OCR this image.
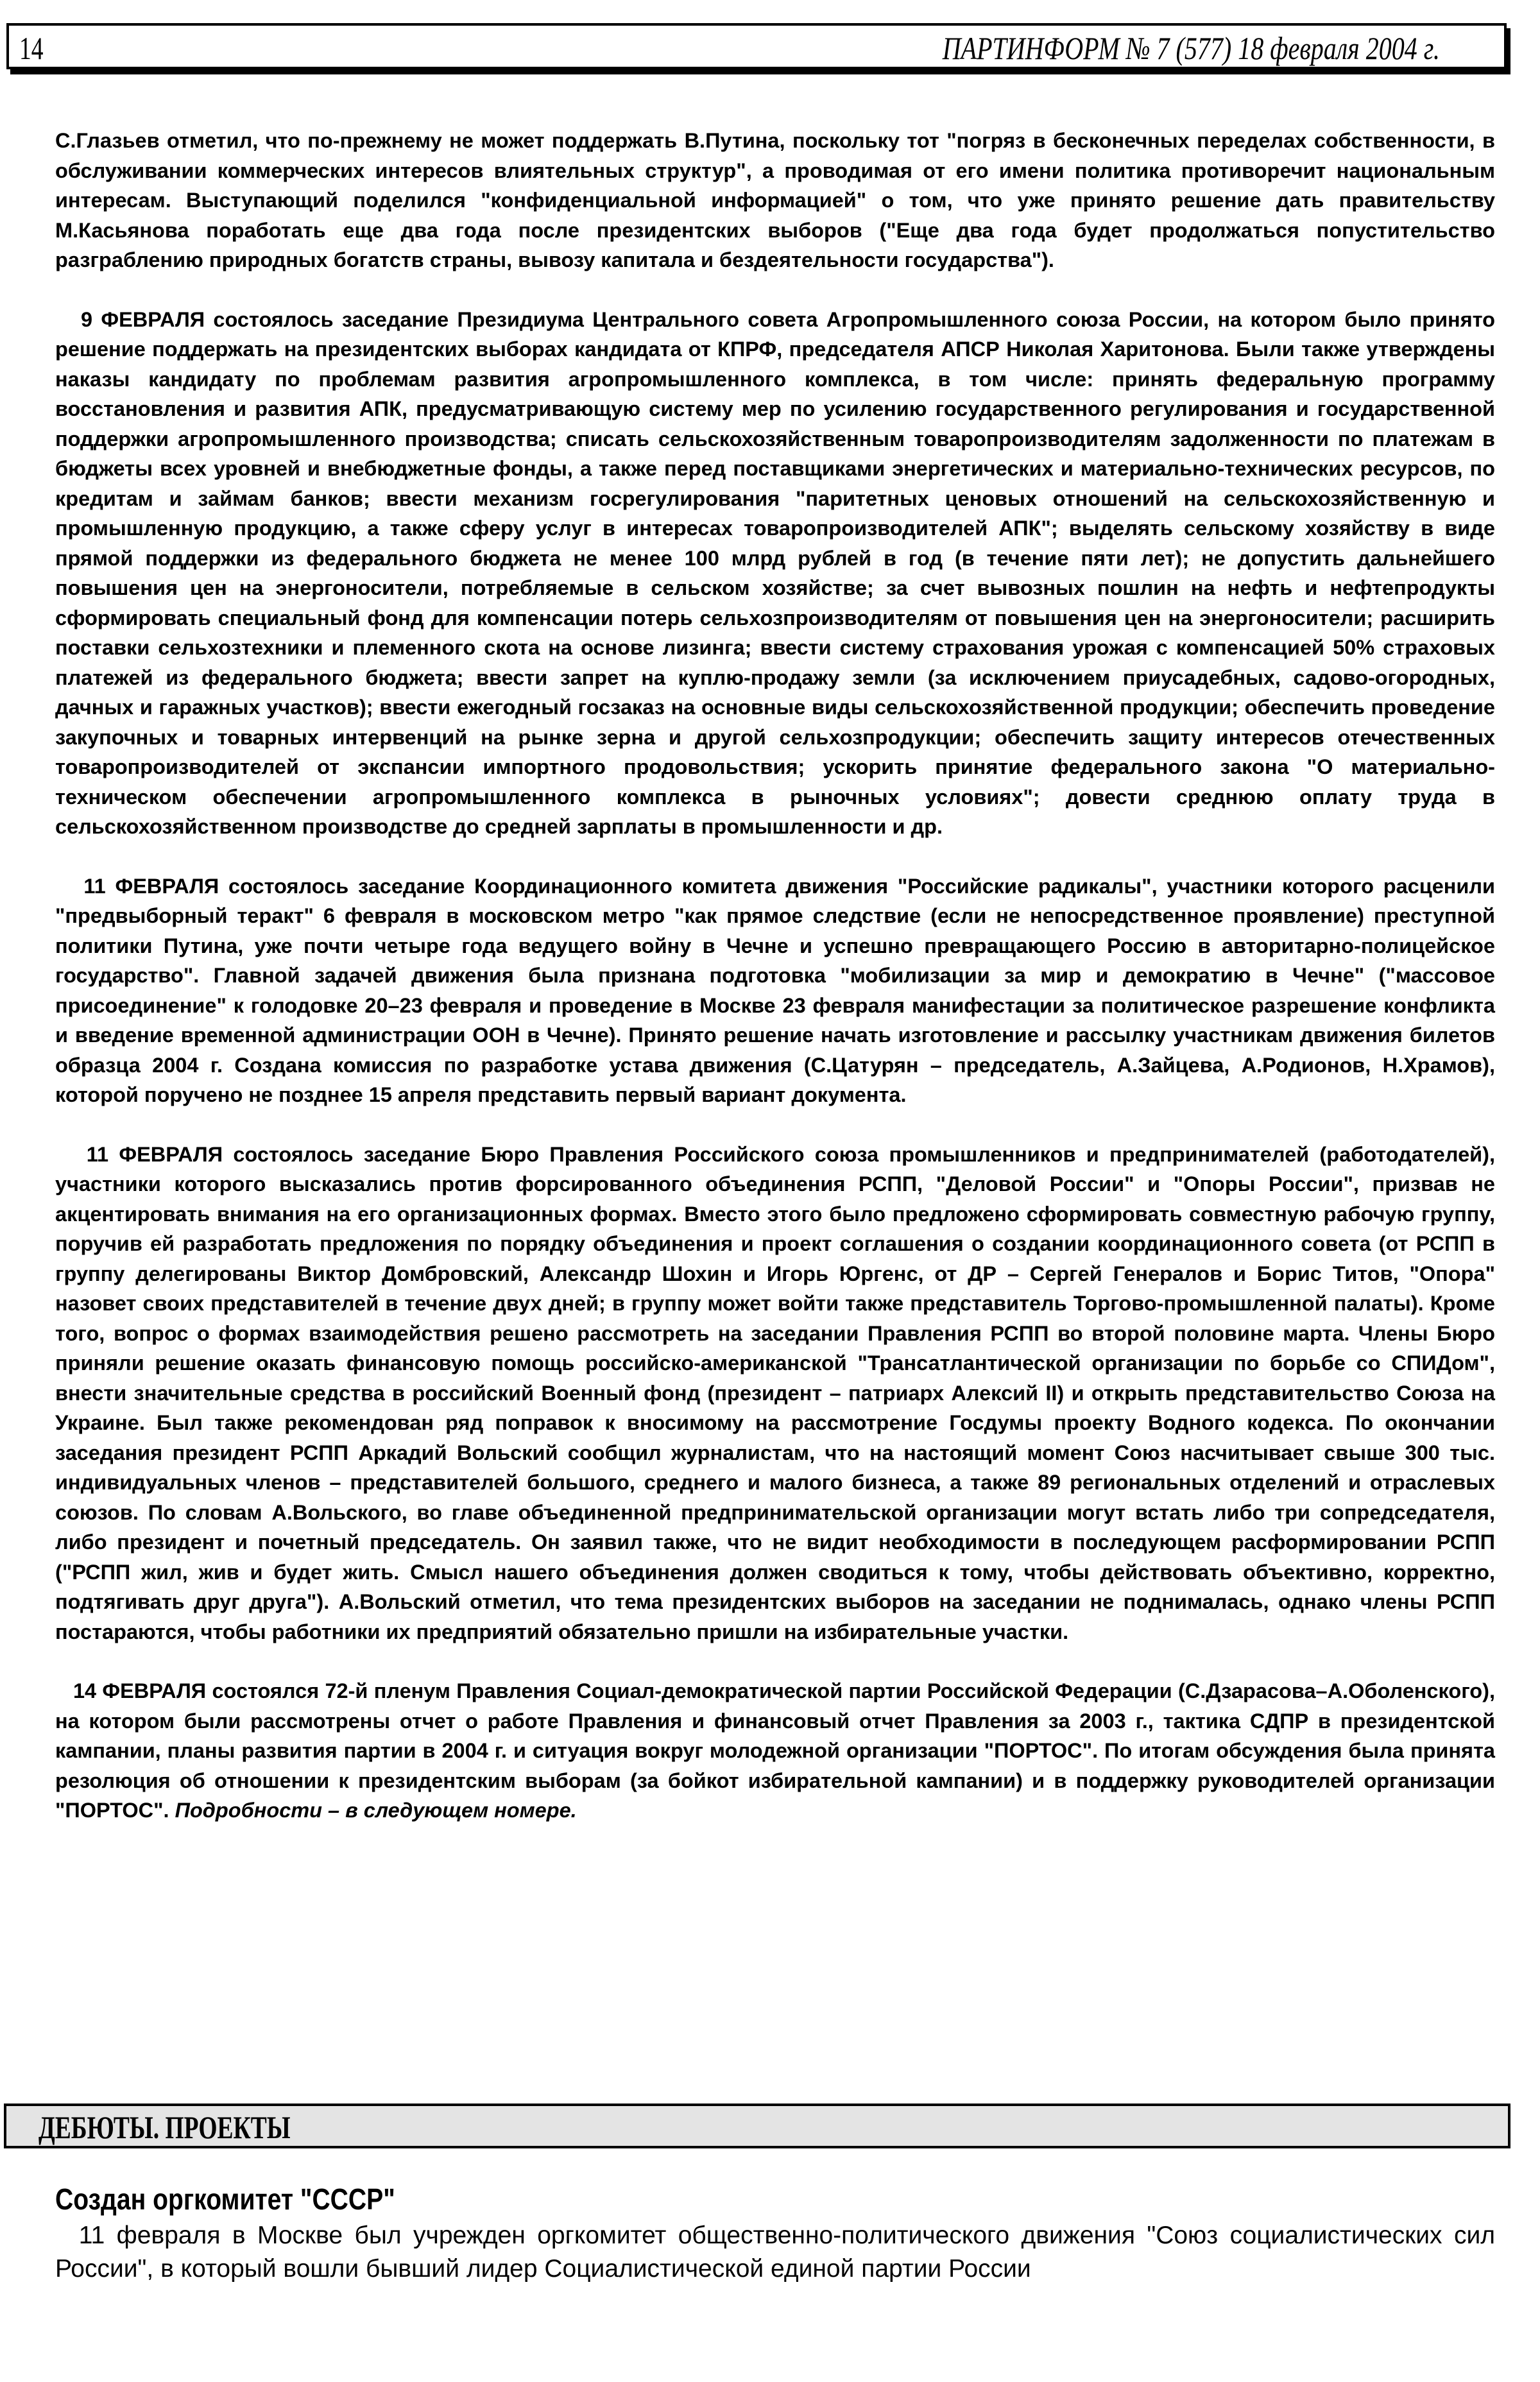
14	ПАРТИНФОРМ № 7 (577) 18 февраля 2004 г.

С.Глазьев отметил, что по-прежнему не может поддержать В.Путина, поскольку тот "погряз в бесконечных переделах собственности, в обслуживании коммерческих интересов влиятельных структур", а проводимая от его имени политика противоречит национальным интересам. Выступающий поделился "конфиденциальной информацией" о том, что уже принято решение дать правительству М.Касьянова поработать еще два года после президентских выборов ("Еще два года будет продолжаться попустительство разграблению природных богатств страны, вывозу капитала и бездеятельности государства").

9 ФЕВРАЛЯ состоялось заседание Президиума Центрального совета Агропромышленного союза России, на котором было принято решение поддержать на президентских выборах кандидата от КПРФ, председателя АПСР Николая Харитонова. Были также утверждены наказы кандидату по проблемам развития агропромышленного комплекса, в том числе: принять федеральную программу восстановления и развития АПК, предусматривающую систему мер по усилению государственного регулирования и государственной поддержки агропромышленного производства; списать сельскохозяйственным товаропроизводителям задолженности по платежам в бюджеты всех уровней и внебюджетные фонды, а также перед поставщиками энергетических и материально-технических ресурсов, по кредитам и займам банков; ввести механизм госрегулирования "паритетных ценовых отношений на сельскохозяйственную и промышленную продукцию, а также сферу услуг в интересах товаропроизводителей АПК"; выделять сельскому хозяйству в виде прямой поддержки из федерального бюджета не менее 100 млрд рублей в год (в течение пяти лет); не допустить дальнейшего повышения цен на энергоносители, потребляемые в сельском хозяйстве; за счет вывозных пошлин на нефть и нефтепродукты сформировать специальный фонд для компенсации потерь сельхозпроизводителям от повышения цен на энергоносители; расширить поставки сельхозтехники и племенного скота на основе лизинга; ввести систему страхования урожая с компенсацией 50% страховых платежей из федерального бюджета; ввести запрет на куплю-продажу земли (за исключением приусадебных, садово-огородных, дачных и гаражных участков); ввести ежегодный госзаказ на основные виды сельскохозяйственной продукции; обеспечить проведение закупочных и товарных интервенций на рынке зерна и другой сельхозпродукции; обеспечить защиту интересов отечественных товаропроизводителей от экспансии импортного продовольствия; ускорить принятие федерального закона "О материально-техническом обеспечении агропромышленного комплекса в рыночных условиях"; довести среднюю оплату труда в сельскохозяйственном производстве до средней зарплаты в промышленности и др.

11 ФЕВРАЛЯ состоялось заседание Координационного комитета движения "Российские радикалы", участники которого расценили "предвыборный теракт" 6 февраля в московском метро "как прямое следствие (если не непосредственное проявление) преступной политики Путина, уже почти четыре года ведущего войну в Чечне и успешно превращающего Россию в авторитарно-полицейское государство". Главной задачей движения была признана подготовка "мобилизации за мир и демократию в Чечне" ("массовое присоединение" к голодовке 20–23 февраля и проведение в Москве 23 февраля манифестации за политическое разрешение конфликта и введение временной администрации ООН в Чечне). Принято решение начать изготовление и рассылку участникам движения билетов образца 2004 г. Создана комиссия по разработке устава движения (С.Цатурян – председатель, А.Зайцева, А.Родионов, Н.Храмов), которой поручено не позднее 15 апреля представить первый вариант документа.

11 ФЕВРАЛЯ состоялось заседание Бюро Правления Российского союза промышленников и предпринимателей (работодателей), участники которого высказались против форсированного объединения РСПП, "Деловой России" и "Опоры России", призвав не акцентировать внимания на его организационных формах. Вместо этого было предложено сформировать совместную рабочую группу, поручив ей разработать предложения по порядку объединения и проект соглашения о создании координационного совета (от РСПП в группу делегированы Виктор Домбровский, Александр Шохин и Игорь Юргенс, от ДР – Сергей Генералов и Борис Титов, "Опора" назовет своих представителей в течение двух дней; в группу может войти также представитель Торгово-промышленной палаты). Кроме того, вопрос о формах взаимодействия решено рассмотреть на заседании Правления РСПП во второй половине марта. Члены Бюро приняли решение оказать финансовую помощь российско-американской "Трансатлантической организации по борьбе со СПИДом", внести значительные средства в российский Военный фонд (президент – патриарх Алексий II) и открыть представительство Союза на Украине. Был также рекомендован ряд поправок к вносимому на рассмотрение Госдумы проекту Водного кодекса. По окончании заседания президент РСПП Аркадий Вольский сообщил журналистам, что на настоящий момент Союз насчитывает свыше 300 тыс. индивидуальных членов – представителей большого, среднего и малого бизнеса, а также 89 региональных отделений и отраслевых союзов. По словам А.Вольского, во главе объединенной предпринимательской организации могут встать либо три сопредседателя, либо президент и почетный председатель. Он заявил также, что не видит необходимости в последующем расформировании РСПП ("РСПП жил, жив и будет жить. Смысл нашего объединения должен сводиться к тому, чтобы действовать объективно, корректно, подтягивать друг друга"). А.Вольский отметил, что тема президентских выборов на заседании не поднималась, однако члены РСПП постараются, чтобы работники их предприятий обязательно пришли на избирательные участки.

14 ФЕВРАЛЯ состоялся 72-й пленум Правления Социал-демократической партии Российской Федерации (С.Дзарасова–А.Оболенского), на котором были рассмотрены отчет о работе Правления и финансовый отчет Правления за 2003 г., тактика СДПР в президентской кампании, планы развития партии в 2004 г. и ситуация вокруг молодежной организации "ПОРТОС". По итогам обсуждения была принята резолюция об отношении к президентским выборам (за бойкот избирательной кампании) и в поддержку руководителей организации "ПОРТОС". Подробности – в следующем номере.

ДЕБЮТЫ. ПРОЕКТЫ
Создан оргкомитет "СССР"
11 февраля в Москве был учрежден оргкомитет общественно-политического движения "Союз социалистических сил России", в который вошли бывший лидер Социалистической единой партии России
